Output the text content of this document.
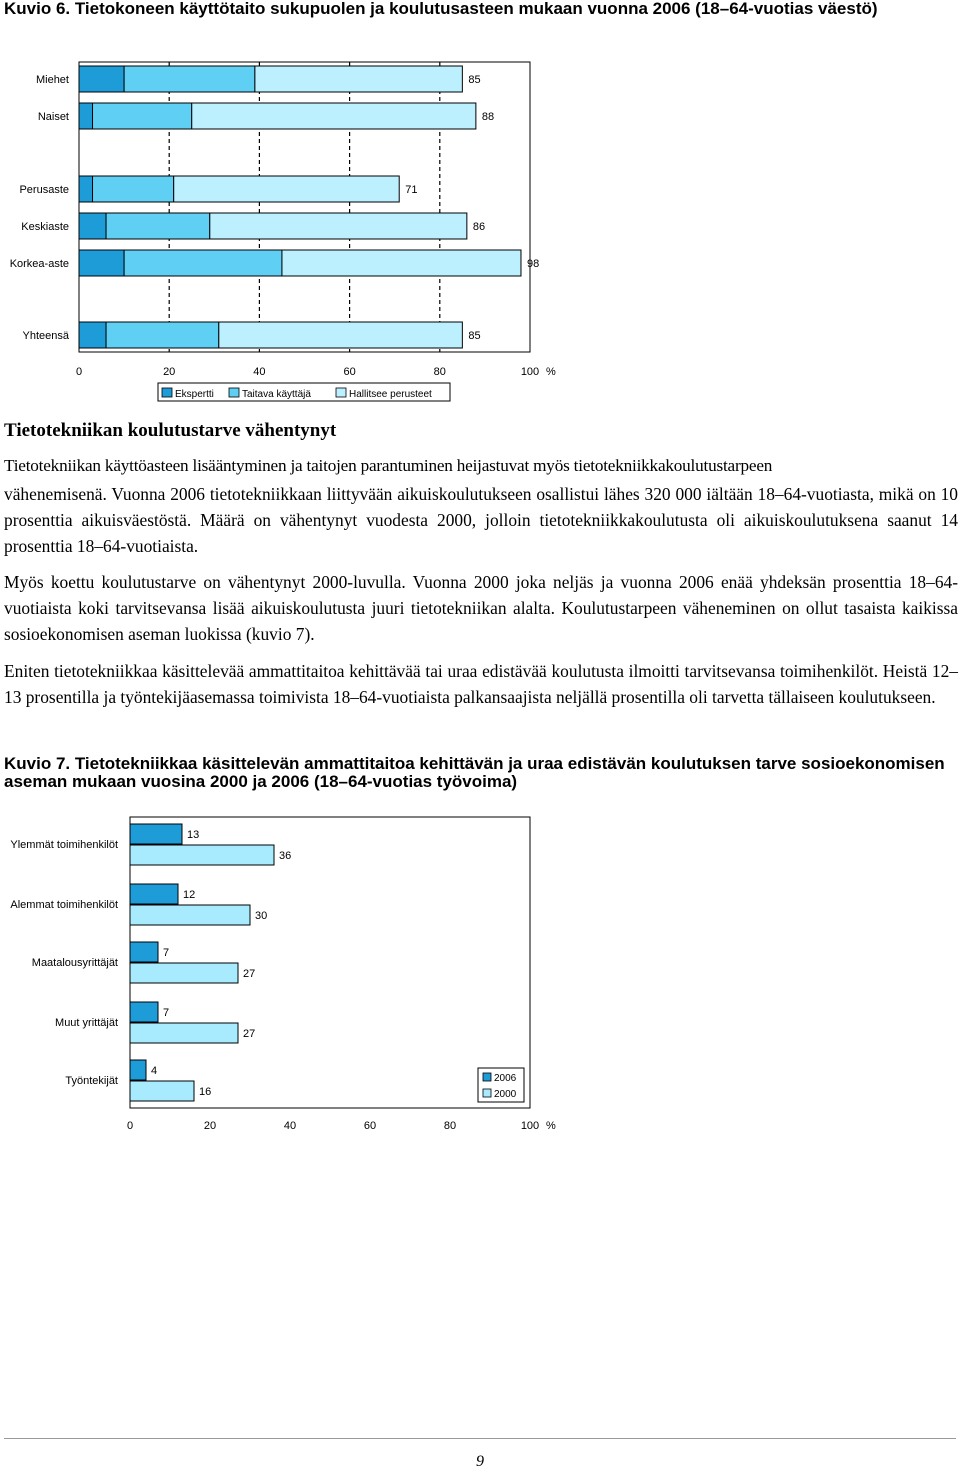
Kuvio 6. Tietokoneen käyttötaito sukupuolen ja koulutusasteen mukaan vuonna 2006 (18–64-vuotias väestö)
Miehet	85
Naiset	88
Perusaste	71
Keskiaste	86
Korkea-aste	98
Yhteensä	85
0	20	40	60	80	100 %
Ekspertti	Taitava käyttäjä	Hallitsee perusteet
Tietotekniikan koulutustarve vähentynyt
Tietotekniikan käyttöasteen lisääntyminen ja taitojen parantuminen heijastuvat myös tietotekniikkakoulutustarpeen

vähenemisenä. Vuonna 2006 tietotekniikkaan liittyvään aikuiskoulutukseen osallistui lähes 320 000 iältään 18–64-vuotiasta, mikä on 10 prosenttia aikuisväestöstä. Määrä on vähentynyt vuodesta 2000, jolloin tietotekniikkakoulutusta oli aikuiskoulutuksena saanut 14 prosenttia 18–64-vuotiaista.

Myös koettu koulutustarve on vähentynyt 2000-luvulla. Vuonna 2000 joka neljäs ja vuonna 2006 enää yhdeksän prosenttia 18–64-vuotiaista koki tarvitsevansa lisää aikuiskoulutusta juuri tietotekniikan alalta. Koulutustarpeen väheneminen on ollut tasaista kaikissa sosioekonomisen aseman luokissa (kuvio 7).

Eniten tietotekniikkaa käsittelevää ammattitaitoa kehittävää tai uraa edistävää koulutusta ilmoitti tarvitsevansa toimihenkilöt. Heistä 12–13 prosentilla ja työntekijäasemassa toimivista 18–64-vuotiaista palkansaajista neljällä prosentilla oli tarvetta tällaiseen koulutukseen.

Kuvio 7. Tietotekniikkaa käsittelevän ammattitaitoa kehittävän ja uraa edistävän koulutuksen tarve sosioekonomisen aseman mukaan vuosina 2000 ja 2006 (18–64-vuotias työvoima)
Ylemmät toimihenkilöt
13
36
Alemmat toimihenkilöt
12
30
Maatalousyrittäjät
7
27
Muut yrittäjät
7
27
Työntekijät
4
16
0	20	40	60	80	100 %
2006
2000
9
